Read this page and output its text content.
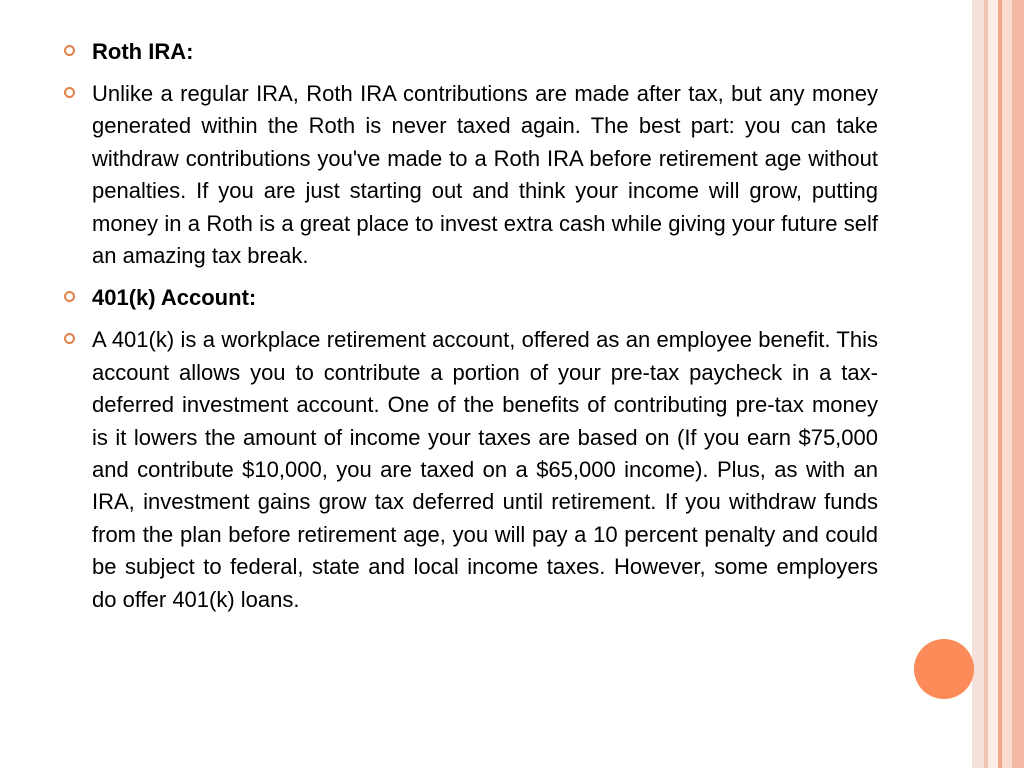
Roth IRA:

Unlike a regular IRA, Roth IRA contributions are made after tax, but any money generated within the Roth is never taxed again. The best part: you can take withdraw contributions you've made to a Roth IRA before retirement age without penalties. If you are just starting out and think your income will grow, putting money in a Roth is a great place to invest extra cash while giving your future self an amazing tax break.

401(k) Account:

A 401(k) is a workplace retirement account, offered as an employee benefit. This account allows you to contribute a portion of your pre-tax paycheck in a tax-deferred investment account. One of the benefits of contributing pre-tax money is it lowers the amount of income your taxes are based on (If you earn $75,000 and contribute $10,000, you are taxed on a $65,000 income). Plus, as with an IRA, investment gains grow tax deferred until retirement. If you withdraw funds from the plan before retirement age, you will pay a 10 percent penalty and could be subject to federal, state and local income taxes. However, some employers do offer 401(k) loans.
